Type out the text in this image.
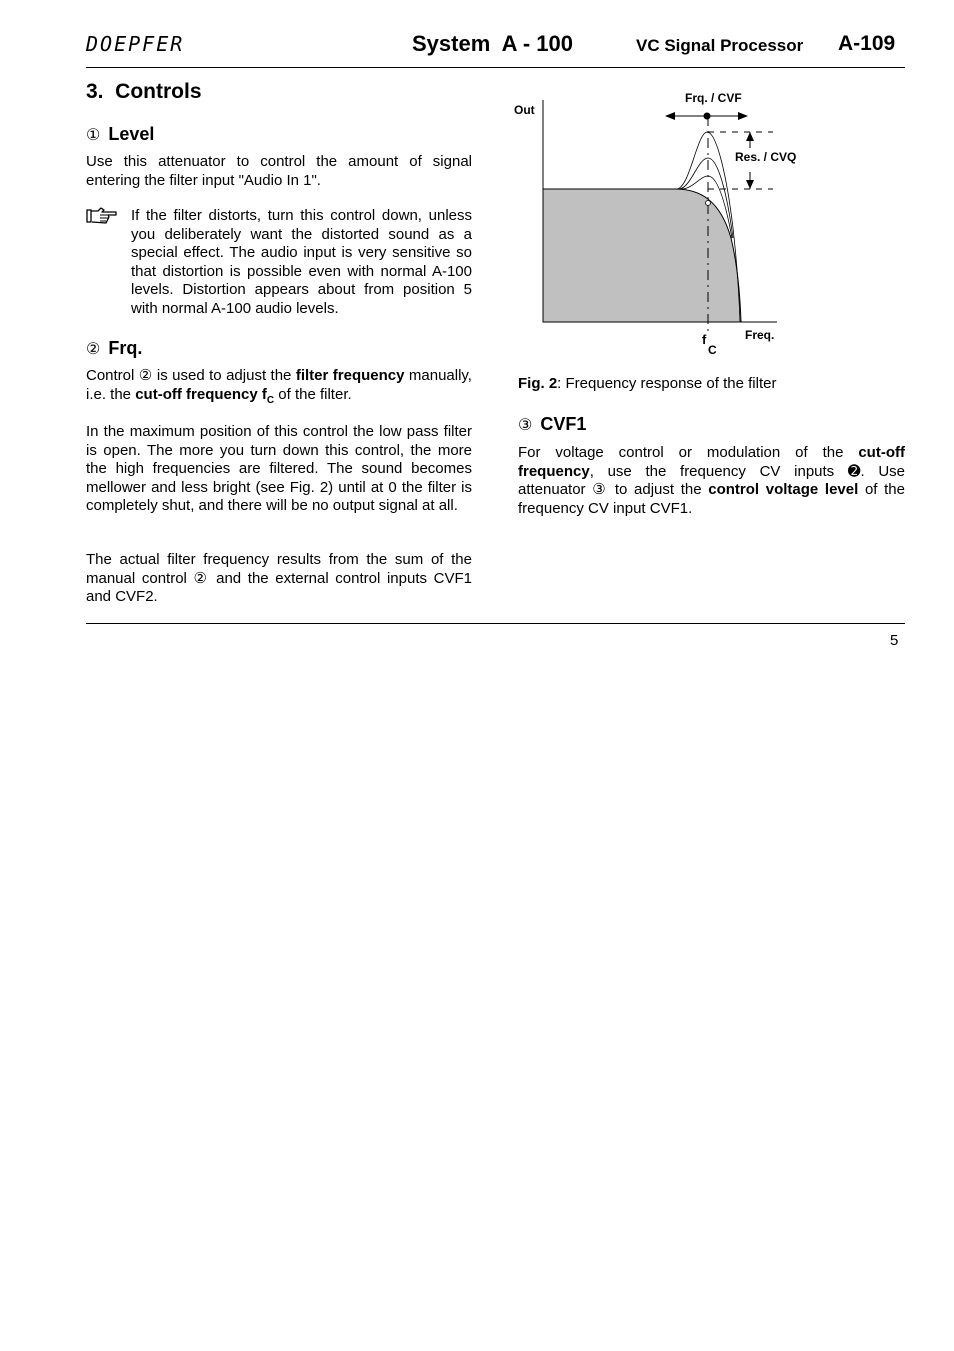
DOEPFER	System  A - 100	VC Signal Processor A-109
3.  Controls
① Level
Use this attenuator to control the amount of signal entering the filter input "Audio In 1".
If the filter distorts, turn this control down, unless you deliberately want the distorted sound as a special effect. The audio input is very sensitive so that distortion is possible even with normal A-100 levels. Distortion appears about from position 5 with normal A-100 audio levels.
② Frq.
Control ② is used to adjust the filter frequency manually, i.e. the cut-off frequency $f_C$ of the filter.
In the maximum position of this control the low pass filter is open. The more you turn down this control, the more the high frequencies are filtered. The sound becomes mellower and less bright (see Fig. 2) until at 0 the filter is completely shut, and there will be no output signal at all.
The actual filter frequency results from the sum of the manual control ② and the external control inputs CVF1 and CVF2.
Out
Frq. / CVF
Res. / CVQ
Freq.
f
C
Fig. 2: Frequency response of the filter
③ CVF1
For voltage control or modulation of the cut-off frequency, use the frequency CV inputs ➋. Use attenuator ③ to adjust the control voltage level of the frequency CV input CVF1.
5
